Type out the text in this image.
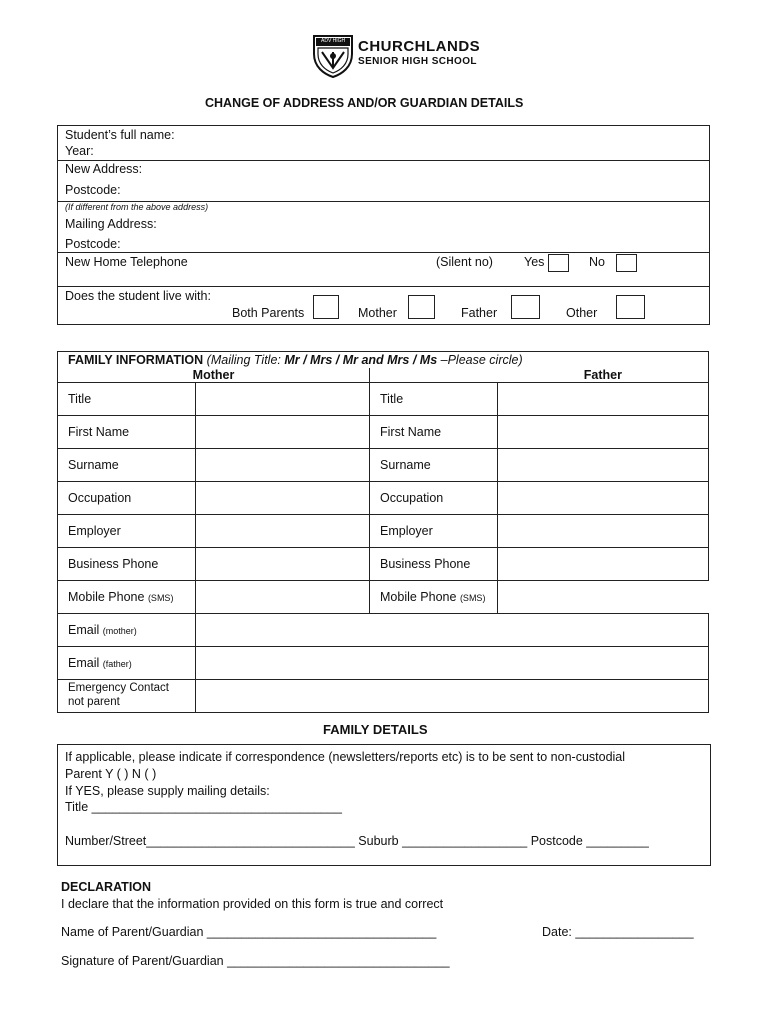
ADV HIGH CHURCHLANDS
SENIOR HIGH SCHOOL
CHANGE OF ADDRESS AND/OR GUARDIAN DETAILS
Student’s full name:
Year:
New Address:
Postcode:
(If different from the above address)
Mailing Address:
Postcode:
New Home Telephone	(Silent no) Yes	No
Does the student live with:
Both Parents	Mother	Father	Other
FAMILY INFORMATION (Mailing Title: Mr / Mrs / Mr and Mrs / Ms –Please circle)			
Mother		Father	
Title		Title	
First Name		First Name	
Surname		Surname	
Occupation		Occupation	
Employer		Employer	
Business Phone		Business Phone	
Mobile Phone (SMS)		Mobile Phone (SMS)	
Email (mother)			
Email (father)			
Emergency Contact
not parent			
FAMILY DETAILS
If applicable, please indicate if correspondence (newsletters/reports etc) is to be sent to non-custodial
Parent Y ( ) N ( )
If YES, please supply mailing details:
Title ____________________________________
Number/Street______________________________ Suburb __________________ Postcode _________
DECLARATION
I declare that the information provided on this form is true and correct
Name of Parent/Guardian _________________________________	Date: _________________
Signature of Parent/Guardian ________________________________
